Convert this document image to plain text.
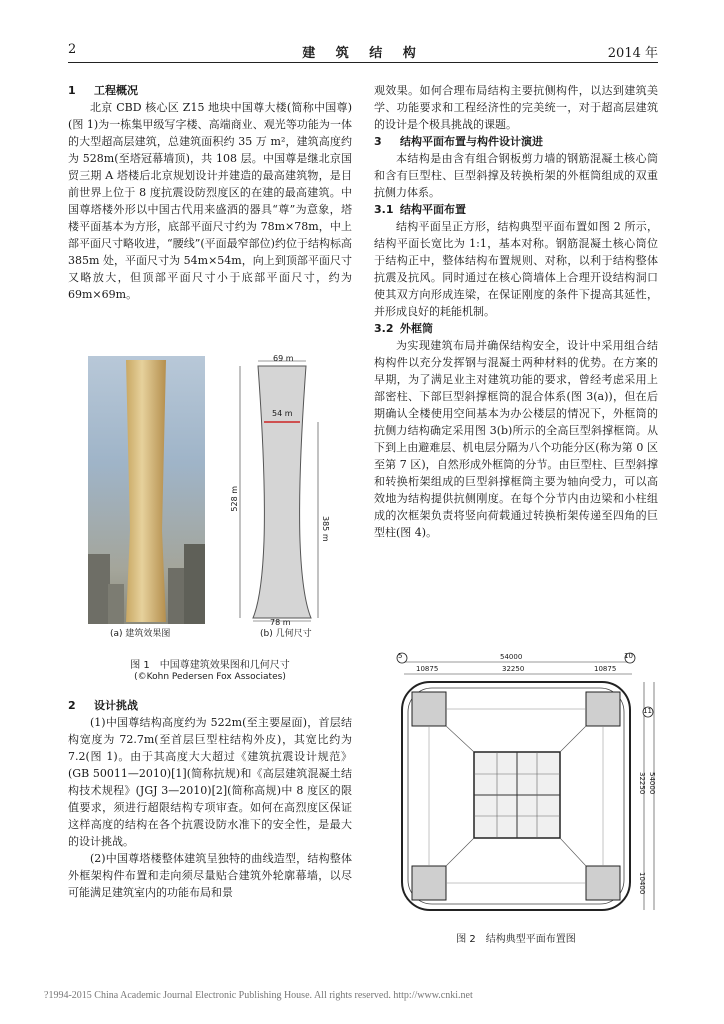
2	建 筑 结 构	2014 年
1 工程概况

北京 CBD 核心区 Z15 地块中国尊大楼(简称中国尊)(图 1)为一栋集甲级写字楼、高端商业、观光等功能为一体的大型超高层建筑，总建筑面积约 35 万 m²，建筑高度约为 528m(至塔冠幕墙顶)，共 108 层。中国尊是继北京国贸三期 A 塔楼后北京规划设计并建造的最高建筑物，是目前世界上位于 8 度抗震设防烈度区的在建的最高建筑。中国尊塔楼外形以中国古代用来盛酒的器具“尊”为意象，塔楼平面基本为方形，底部平面尺寸约为 78m×78m，中上部平面尺寸略收进，“腰线”(平面最窄部位)约位于结构标高 385m 处，平面尺寸为 54m×54m，向上到顶部平面尺寸又略放大，但顶部平面尺寸小于底部平面尺寸，约为 69m×69m。

(a) 建筑效果图
69 m
54 m
528 m
385 m
78 m
(b) 几何尺寸
图 1　中国尊建筑效果图和几何尺寸
(©Kohn Pedersen Fox Associates)
2 设计挑战

(1)中国尊结构高度约为 522m(至主要屋面)，首层结构宽度为 72.7m(至首层巨型柱结构外皮)，其宽比约为 7.2(图 1)。由于其高度大大超过《建筑抗震设计规范》(GB 50011—2010)[1](简称抗规)和《高层建筑混凝土结构技术规程》(JGJ 3—2010)[2](简称高规)中 8 度区的限值要求，须进行超限结构专项审查。如何在高烈度区保证这样高度的结构在各个抗震设防水准下的安全性，是最大的设计挑战。

(2)中国尊塔楼整体建筑呈独特的曲线造型，结构整体外框架构件布置和走向须尽量贴合建筑外轮廓幕墙，以尽可能满足建筑室内的功能布局和景

观效果。如何合理布局结构主要抗侧构件，以达到建筑美学、功能要求和工程经济性的完美统一，对于超高层建筑的设计是个极具挑战的课题。

3 结构平面布置与构件设计演进

本结构是由含有组合钢板剪力墙的钢筋混凝土核心筒和含有巨型柱、巨型斜撑及转换桁架的外框筒组成的双重抗侧力体系。

3.1 结构平面布置

结构平面呈正方形，结构典型平面布置如图 2 所示，结构平面长宽比为 1:1，基本对称。钢筋混凝土核心筒位于结构正中，整体结构布置规则、对称，以利于结构整体抗震及抗风。同时通过在核心筒墙体上合理开设结构洞口使其双方向形成连梁，在保证刚度的条件下提高其延性，并形成良好的耗能机制。

3.2 外框筒

为实现建筑布局并确保结构安全，设计中采用组合结构构件以充分发挥钢与混凝土两种材料的优势。在方案的早期，为了满足业主对建筑功能的要求，曾经考虑采用上部密柱、下部巨型斜撑框筒的混合体系(图 3(a))，但在后期确认全楼使用空间基本为办公楼层的情况下，外框筒的抗侧力结构确定采用图 3(b)所示的全高巨型斜撑框筒。从下到上由避难层、机电层分隔为八个功能分区(称为第 0 区至第 7 区)，自然形成外框筒的分节。由巨型柱、巨型斜撑和转换桁架组成的巨型斜撑框筒主要为轴向受力，可以高效地为结构提供抗侧刚度。在每个分节内由边梁和小柱组成的次框架负责将竖向荷载通过转换桁架传递至四角的巨型柱(图 4)。

5	10
11
54000
10875	32250	10875
10400
32250 54000
图 2　结构典型平面布置图
?1994-2015 China Academic Journal Electronic Publishing House. All rights reserved. http://www.cnki.net
